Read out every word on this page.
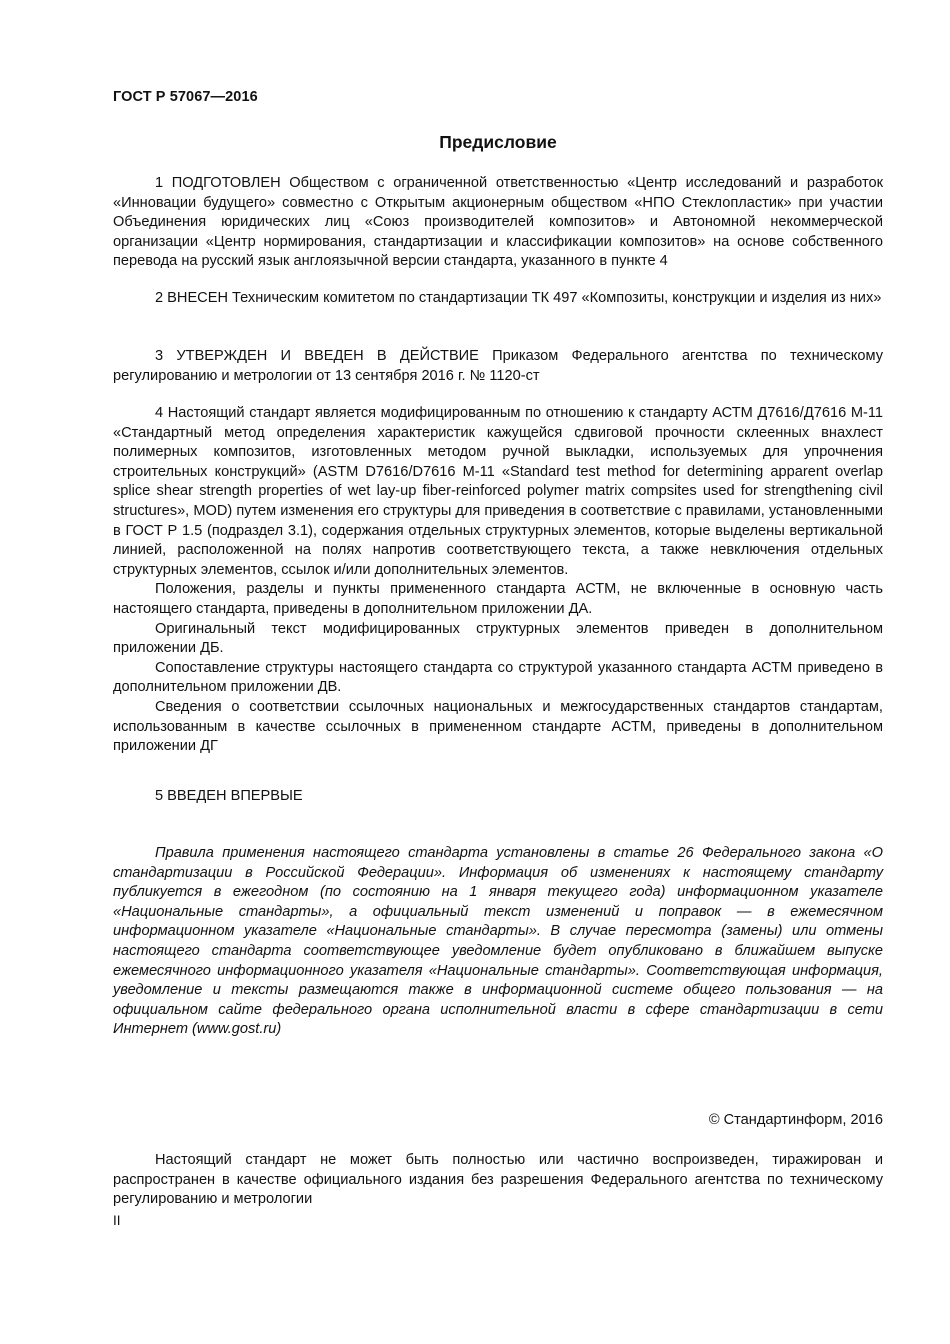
ГОСТ Р 57067—2016
Предисловие

1 ПОДГОТОВЛЕН Обществом с ограниченной ответственностью «Центр исследований и разработок «Инновации будущего» совместно с Открытым акционерным обществом «НПО Стеклопластик» при участии Объединения юридических лиц «Союз производителей композитов» и Автономной некоммерческой организации «Центр нормирования, стандартизации и классификации композитов» на основе собственного перевода на русский язык англоязычной версии стандарта, указанного в пункте 4

2 ВНЕСЕН Техническим комитетом по стандартизации ТК 497 «Композиты, конструкции и изделия из них»

3 УТВЕРЖДЕН И ВВЕДЕН В ДЕЙСТВИЕ Приказом Федерального агентства по техническому регулированию и метрологии от 13 сентября 2016 г. № 1120-ст

4 Настоящий стандарт является модифицированным по отношению к стандарту АСТМ Д7616/Д7616 М-11 «Стандартный метод определения характеристик кажущейся сдвиговой прочности склеенных внахлест полимерных композитов, изготовленных методом ручной выкладки, используемых для упрочнения строительных конструкций» (ASTM D7616/D7616 M-11 «Standard test method for determining apparent overlap splice shear strength properties of wet lay-up fiber-reinforced polymer matrix compsites used for strengthening civil structures», MOD) путем изменения его структуры для приведения в соответствие с правилами, установленными в ГОСТ Р 1.5 (подраздел 3.1), содержания отдельных структурных элементов, которые выделены вертикальной линией, расположенной на полях напротив соответствующего текста, а также невключения отдельных структурных элементов, ссылок и/или дополнительных элементов.

Положения, разделы и пункты примененного стандарта АСТМ, не включенные в основную часть настоящего стандарта, приведены в дополнительном приложении ДА.

Оригинальный текст модифицированных структурных элементов приведен в дополнительном приложении ДБ.

Сопоставление структуры настоящего стандарта со структурой указанного стандарта АСТМ приведено в дополнительном приложении ДВ.

Сведения о соответствии ссылочных национальных и межгосударственных стандартов стандартам, использованным в качестве ссылочных в примененном стандарте АСТМ, приведены в дополнительном приложении ДГ

5 ВВЕДЕН ВПЕРВЫЕ

Правила применения настоящего стандарта установлены в статье 26 Федерального закона «О стандартизации в Российской Федерации». Информация об изменениях к настоящему стандарту публикуется в ежегодном (по состоянию на 1 января текущего года) информационном указателе «Национальные стандарты», а официальный текст изменений и поправок — в ежемесячном информационном указателе «Национальные стандарты». В случае пересмотра (замены) или отмены настоящего стандарта соответствующее уведомление будет опубликовано в ближайшем выпуске ежемесячного информационного указателя «Национальные стандарты». Соответствующая информация, уведомление и тексты размещаются также в информационной системе общего пользования — на официальном сайте федерального органа исполнительной власти в сфере стандартизации в сети Интернет (www.gost.ru)

© Стандартинформ, 2016

Настоящий стандарт не может быть полностью или частично воспроизведен, тиражирован и распространен в качестве официального издания без разрешения Федерального агентства по техническому регулированию и метрологии

II
